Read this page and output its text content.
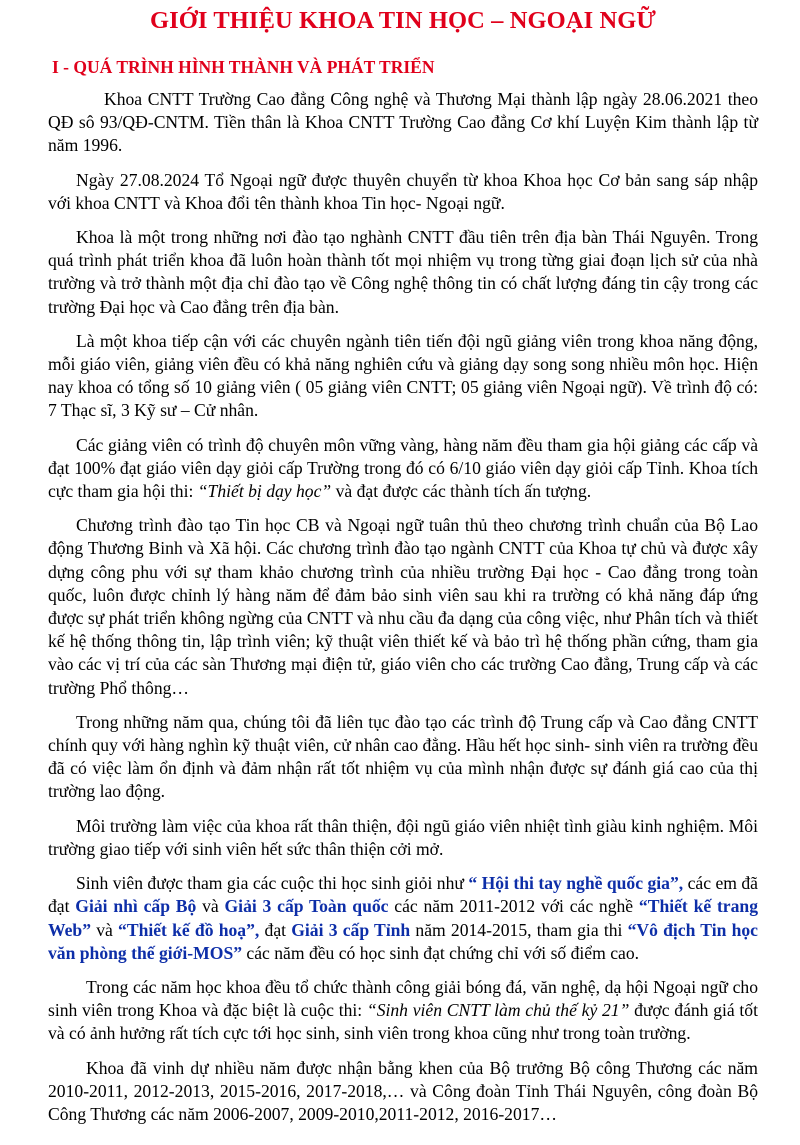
GIỚI THIỆU KHOA TIN HỌC – NGOẠI NGỮ
I - QUÁ TRÌNH HÌNH THÀNH VÀ PHÁT TRIỂN

Khoa CNTT Trường Cao đẳng Công nghệ và Thương Mại thành lập ngày 28.06.2021 theo QĐ sô 93/QĐ-CNTM. Tiền thân là Khoa CNTT Trường Cao đẳng Cơ khí Luyện Kim thành lập từ năm 1996.

Ngày 27.08.2024 Tổ Ngoại ngữ được thuyên chuyển từ khoa Khoa học Cơ bản sang sáp nhập với khoa CNTT và Khoa đổi tên thành khoa Tin học- Ngoại ngữ.

Khoa là một trong những nơi đào tạo nghành CNTT đầu tiên trên địa bàn Thái Nguyên. Trong quá trình phát triển khoa đã luôn hoàn thành tốt mọi nhiệm vụ trong từng giai đoạn lịch sử của nhà trường và trở thành một địa chỉ đào tạo về Công nghệ thông tin có chất lượng đáng tin cậy trong các trường Đại học và Cao đẳng trên địa bàn.

Là một khoa tiếp cận với các chuyên ngành tiên tiến đội ngũ giảng viên trong khoa năng động, mỗi giáo viên, giảng viên đều có khả năng nghiên cứu và giảng dạy song song nhiều môn học. Hiện nay khoa có tổng số 10 giảng viên ( 05 giảng viên CNTT; 05 giảng viên Ngoại ngữ). Về trình độ có: 7 Thạc sĩ, 3 Kỹ sư – Cử nhân.

Các giảng viên có trình độ chuyên môn vững vàng, hàng năm đều tham gia hội giảng các cấp và đạt 100% đạt giáo viên dạy giỏi cấp Trường trong đó có 6/10 giáo viên dạy giỏi cấp Tỉnh. Khoa tích cực tham gia hội thi: “Thiết bị dạy học” và đạt được các thành tích ấn tượng.

Chương trình đào tạo Tin học CB và Ngoại ngữ tuân thủ theo chương trình chuẩn của Bộ Lao động Thương Binh và Xã hội. Các chương trình đào tạo ngành CNTT của Khoa tự chủ và được xây dựng công phu với sự tham khảo chương trình của nhiều trường Đại học - Cao đẳng trong toàn quốc, luôn được chỉnh lý hàng năm để đảm bảo sinh viên sau khi ra trường có khả năng đáp ứng được sự phát triển không ngừng của CNTT và nhu cầu đa dạng của công việc, như Phân tích và thiết kế hệ thống thông tin, lập trình viên; kỹ thuật viên thiết kế và bảo trì hệ thống phần cứng, tham gia vào các vị trí của các sàn Thương mại điện tử, giáo viên cho các trường Cao đẳng, Trung cấp và các trường Phổ thông…

Trong những năm qua, chúng tôi đã liên tục đào tạo các trình độ Trung cấp và Cao đẳng CNTT chính quy với hàng nghìn kỹ thuật viên, cử nhân cao đẳng. Hầu hết học sinh- sinh viên ra trường đều đã có việc làm ổn định và đảm nhận rất tốt nhiệm vụ của mình nhận được sự đánh giá cao của thị trường lao động.

Môi trường làm việc của khoa rất thân thiện, đội ngũ giáo viên nhiệt tình giàu kinh nghiệm. Môi trường giao tiếp với sinh viên hết sức thân thiện cởi mở.

Sinh viên được tham gia các cuộc thi học sinh giỏi như “ Hội thi tay nghề quốc gia”, các em đã đạt Giải nhì cấp Bộ và Giải 3 cấp Toàn quốc các năm 2011-2012 với các nghề “Thiết kế trang Web” và “Thiết kế đồ hoạ”, đạt Giải 3 cấp Tỉnh năm 2014-2015, tham gia thi “Vô địch Tin học văn phòng thế giới-MOS” các năm đều có học sinh đạt chứng chỉ với số điểm cao.

Trong các năm học khoa đều tổ chức thành công giải bóng đá, văn nghệ, dạ hội Ngoại ngữ cho sinh viên trong Khoa và đặc biệt là cuộc thi: “Sinh viên CNTT làm chủ thế kỷ 21” được đánh giá tốt và có ảnh hưởng rất tích cực tới học sinh, sinh viên trong khoa cũng như trong toàn trường.

Khoa đã vinh dự nhiều năm được nhận bằng khen của Bộ trưởng Bộ công Thương các năm 2010-2011, 2012-2013, 2015-2016, 2017-2018,… và Công đoàn Tỉnh Thái Nguyên, công đoàn Bộ Công Thương các năm 2006-2007, 2009-2010,2011-2012, 2016-2017…
